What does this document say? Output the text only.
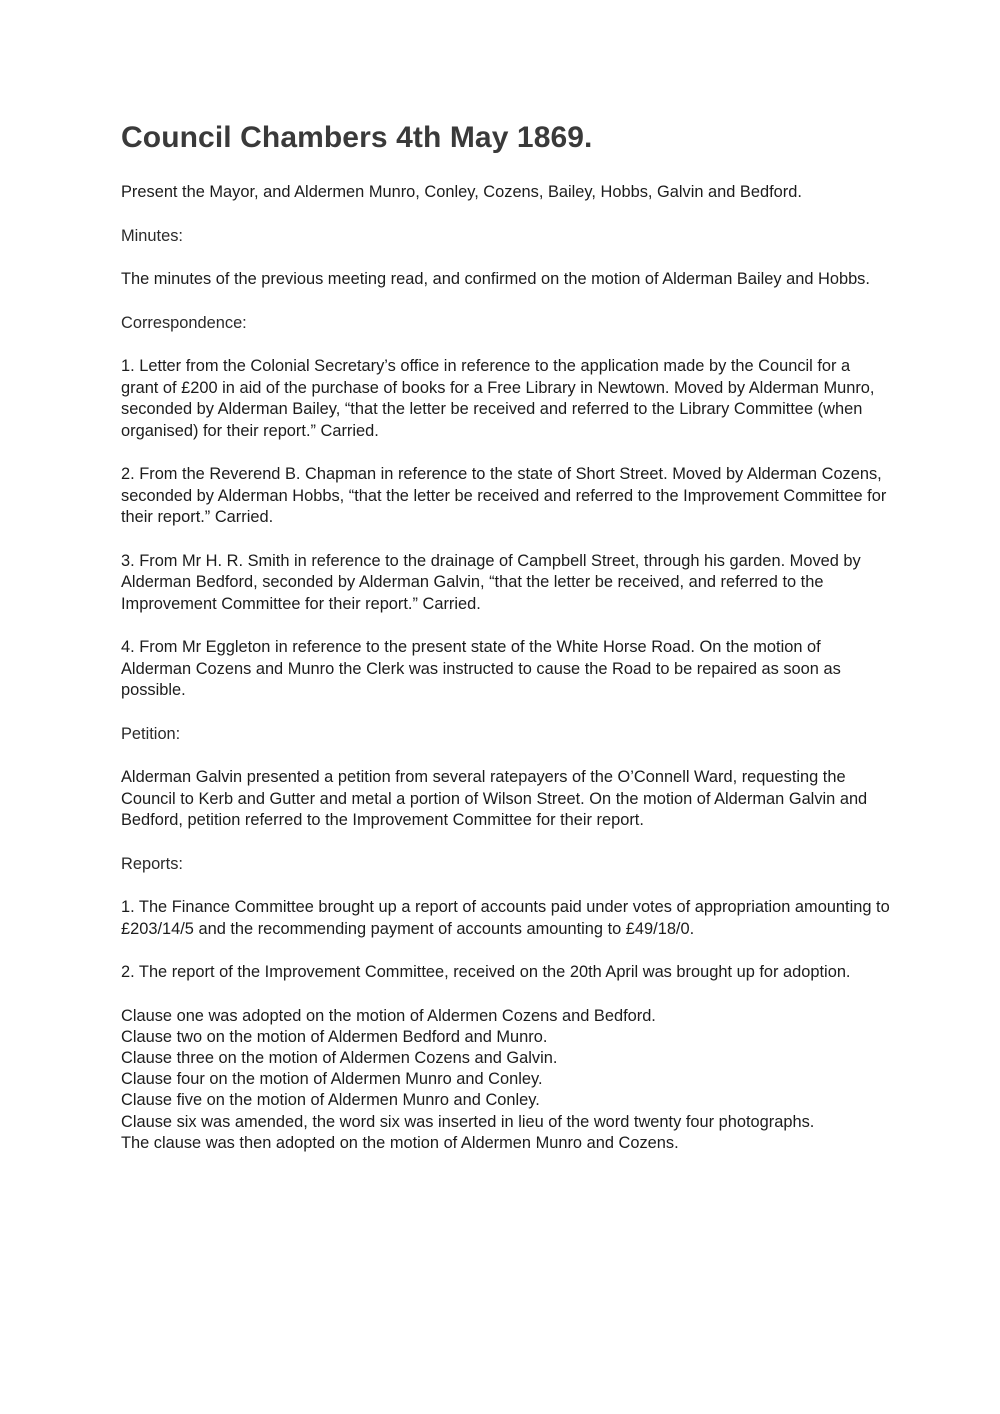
Council Chambers 4th May 1869.

Present the Mayor, and Aldermen Munro, Conley, Cozens, Bailey, Hobbs, Galvin and Bedford.

Minutes:

The minutes of the previous meeting read, and confirmed on the motion of Alderman Bailey and Hobbs.

Correspondence:

1. Letter from the Colonial Secretary’s office in reference to the application made by the Council for a grant of £200 in aid of the purchase of books for a Free Library in Newtown. Moved by Alderman Munro, seconded by Alderman Bailey, “that the letter be received and referred to the Library Committee (when organised) for their report.” Carried.

2. From the Reverend B. Chapman in reference to the state of Short Street. Moved by Alderman Cozens, seconded by Alderman Hobbs, “that the letter be received and referred to the Improvement Committee for their report.” Carried.

3. From Mr H. R. Smith in reference to the drainage of Campbell Street, through his garden. Moved by Alderman Bedford, seconded by Alderman Galvin, “that the letter be received, and referred to the Improvement Committee for their report.” Carried.

4. From Mr Eggleton in reference to the present state of the White Horse Road. On the motion of Alderman Cozens and Munro the Clerk was instructed to cause the Road to be repaired as soon as possible.

Petition:

Alderman Galvin presented a petition from several ratepayers of the O’Connell Ward, requesting the Council to Kerb and Gutter and metal a portion of Wilson Street. On the motion of Alderman Galvin and Bedford, petition referred to the Improvement Committee for their report.

Reports:

1. The Finance Committee brought up a report of accounts paid under votes of appropriation amounting to £203/14/5 and the recommending payment of accounts amounting to £49/18/0.

2. The report of the Improvement Committee, received on the 20th April was brought up for adoption.

Clause one was adopted on the motion of Aldermen Cozens and Bedford.
Clause two on the motion of Aldermen Bedford and Munro.
Clause three on the motion of Aldermen Cozens and Galvin.
Clause four on the motion of Aldermen Munro and Conley.
Clause five on the motion of Aldermen Munro and Conley.
Clause six was amended, the word six was inserted in lieu of the word twenty four photographs.
The clause was then adopted on the motion of Aldermen Munro and Cozens.
